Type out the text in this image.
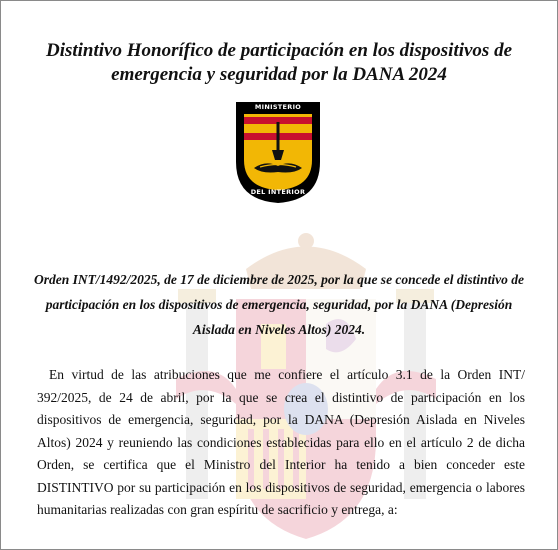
Distintivo Honorífico de participación en los dispositivos de emergencia y seguridad por la DANA 2024
MINISTERIO
DEL INTERIOR

Orden INT/1492/2025, de 17 de diciembre de 2025, por la que se concede el distintivo de participación en los dispositivos de emergencia, seguridad, por la DANA (Depresión Aislada en Niveles Altos) 2024.

En virtud de las atribuciones que me confiere el artículo 3.1 de la Orden INT/ 392/2025, de 24 de abril, por la que se crea el distintivo de participación en los dispositivos de emergencia, seguridad, por la DANA (Depresión Aislada en Niveles Altos) 2024 y reuniendo las condiciones establecidas para ello en el artículo 2 de dicha Orden, se certifica que el Ministro del Interior ha tenido a bien conceder este DISTINTIVO por su participación en los dispositivos de seguridad, emergencia o labores humanitarias realizadas con gran espíritu de sacrificio y entrega, a:
